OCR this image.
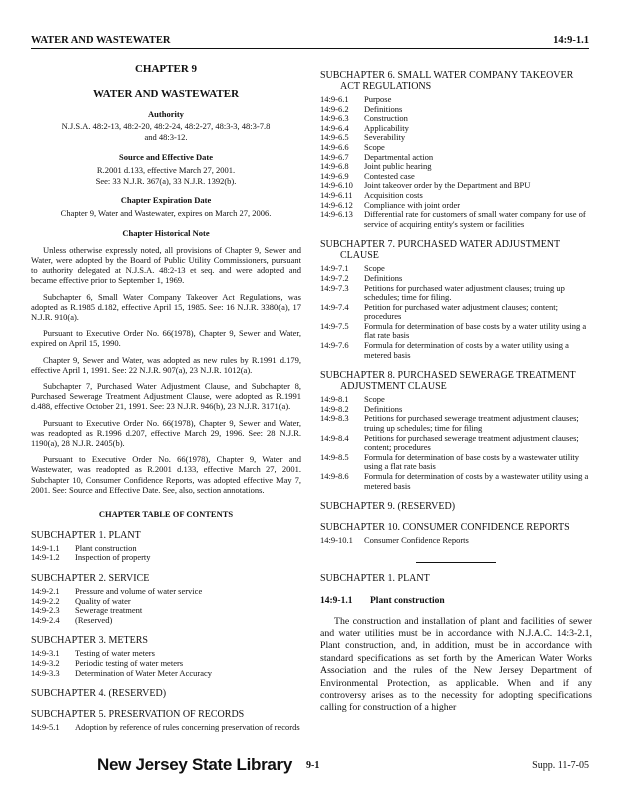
WATER AND WASTEWATER	14:9-1.1
CHAPTER 9
WATER AND WASTEWATER
Authority
N.J.S.A. 48:2-13, 48:2-20, 48:2-24, 48:2-27, 48:3-3, 48:3-7.8 and 48:3-12.
Source and Effective Date
R.2001 d.133, effective March 27, 2001.
See: 33 N.J.R. 367(a), 33 N.J.R. 1392(b).
Chapter Expiration Date
Chapter 9, Water and Wastewater, expires on March 27, 2006.
Chapter Historical Note
Unless otherwise expressly noted, all provisions of Chapter 9, Sewer and Water, were adopted by the Board of Public Utility Commissioners, pursuant to authority delegated at N.J.S.A. 48:2-13 et seq. and were adopted and became effective prior to September 1, 1969.
Subchapter 6, Small Water Company Takeover Act Regulations, was adopted as R.1985 d.182, effective April 15, 1985. See: 16 N.J.R. 3380(a), 17 N.J.R. 910(a).
Pursuant to Executive Order No. 66(1978), Chapter 9, Sewer and Water, expired on April 15, 1990.
Chapter 9, Sewer and Water, was adopted as new rules by R.1991 d.179, effective April 1, 1991. See: 22 N.J.R. 907(a), 23 N.J.R. 1012(a).
Subchapter 7, Purchased Water Adjustment Clause, and Subchapter 8, Purchased Sewerage Treatment Adjustment Clause, were adopted as R.1991 d.488, effective October 21, 1991. See: 23 N.J.R. 946(b), 23 N.J.R. 3171(a).
Pursuant to Executive Order No. 66(1978), Chapter 9, Sewer and Water, was readopted as R.1996 d.207, effective March 29, 1996. See: 28 N.J.R. 1190(a), 28 N.J.R. 2405(b).
Pursuant to Executive Order No. 66(1978), Chapter 9, Water and Wastewater, was readopted as R.2001 d.133, effective March 27, 2001. Subchapter 10, Consumer Confidence Reports, was adopted effective May 7, 2001. See: Source and Effective Date. See, also, section annotations.
CHAPTER TABLE OF CONTENTS
SUBCHAPTER 1. PLANT
14:9-1.1	Plant construction
14:9-1.2	Inspection of property
SUBCHAPTER 2. SERVICE
14:9-2.1	Pressure and volume of water service
14:9-2.2	Quality of water
14:9-2.3	Sewerage treatment
14:9-2.4	(Reserved)
SUBCHAPTER 3. METERS
14:9-3.1	Testing of water meters
14:9-3.2	Periodic testing of water meters
14:9-3.3	Determination of Water Meter Accuracy
SUBCHAPTER 4. (RESERVED)
SUBCHAPTER 5. PRESERVATION OF RECORDS
14:9-5.1	Adoption by reference of rules concerning preservation of records
SUBCHAPTER 6. SMALL WATER COMPANY TAKEOVER ACT REGULATIONS
14:9-6.1	Purpose
14:9-6.2	Definitions
14:9-6.3	Construction
14:9-6.4	Applicability
14:9-6.5	Severability
14:9-6.6	Scope
14:9-6.7	Departmental action
14:9-6.8	Joint public hearing
14:9-6.9	Contested case
14:9-6.10	Joint takeover order by the Department and BPU
14:9-6.11	Acquisition costs
14:9-6.12	Compliance with joint order
14:9-6.13	Differential rate for customers of small water company for use of service of acquiring entity's system or facilities
SUBCHAPTER 7. PURCHASED WATER ADJUSTMENT CLAUSE
14:9-7.1	Scope
14:9-7.2	Definitions
14:9-7.3	Petitions for purchased water adjustment clauses; truing up schedules; time for filing.
14:9-7.4	Petition for purchased water adjustment clauses; content; procedures
14:9-7.5	Formula for determination of base costs by a water utility using a flat rate basis
14:9-7.6	Formula for determination of costs by a water utility using a metered basis
SUBCHAPTER 8. PURCHASED SEWERAGE TREATMENT ADJUSTMENT CLAUSE
14:9-8.1	Scope
14:9-8.2	Definitions
14:9-8.3	Petitions for purchased sewerage treatment adjustment clauses; truing up schedules; time for filing
14:9-8.4	Petitions for purchased sewerage treatment adjustment clauses; content; procedures
14:9-8.5	Formula for determination of base costs by a wastewater utility using a flat rate basis
14:9-8.6	Formula for determination of costs by a wastewater utility using a metered basis
SUBCHAPTER 9. (RESERVED)
SUBCHAPTER 10. CONSUMER CONFIDENCE REPORTS
14:9-10.1	Consumer Confidence Reports
SUBCHAPTER 1. PLANT
14:9-1.1 Plant construction
The construction and installation of plant and facilities of sewer and water utilities must be in accordance with N.J.A.C. 14:3-2.1, Plant construction, and, in addition, must be in accordance with standard specifications as set forth by the American Water Works Association and the rules of the New Jersey Department of Environmental Protection, as applicable. When and if any controversy arises as to the necessity for adopting specifications calling for construction of a higher
New Jersey State Library 9-1	Supp. 11-7-05
